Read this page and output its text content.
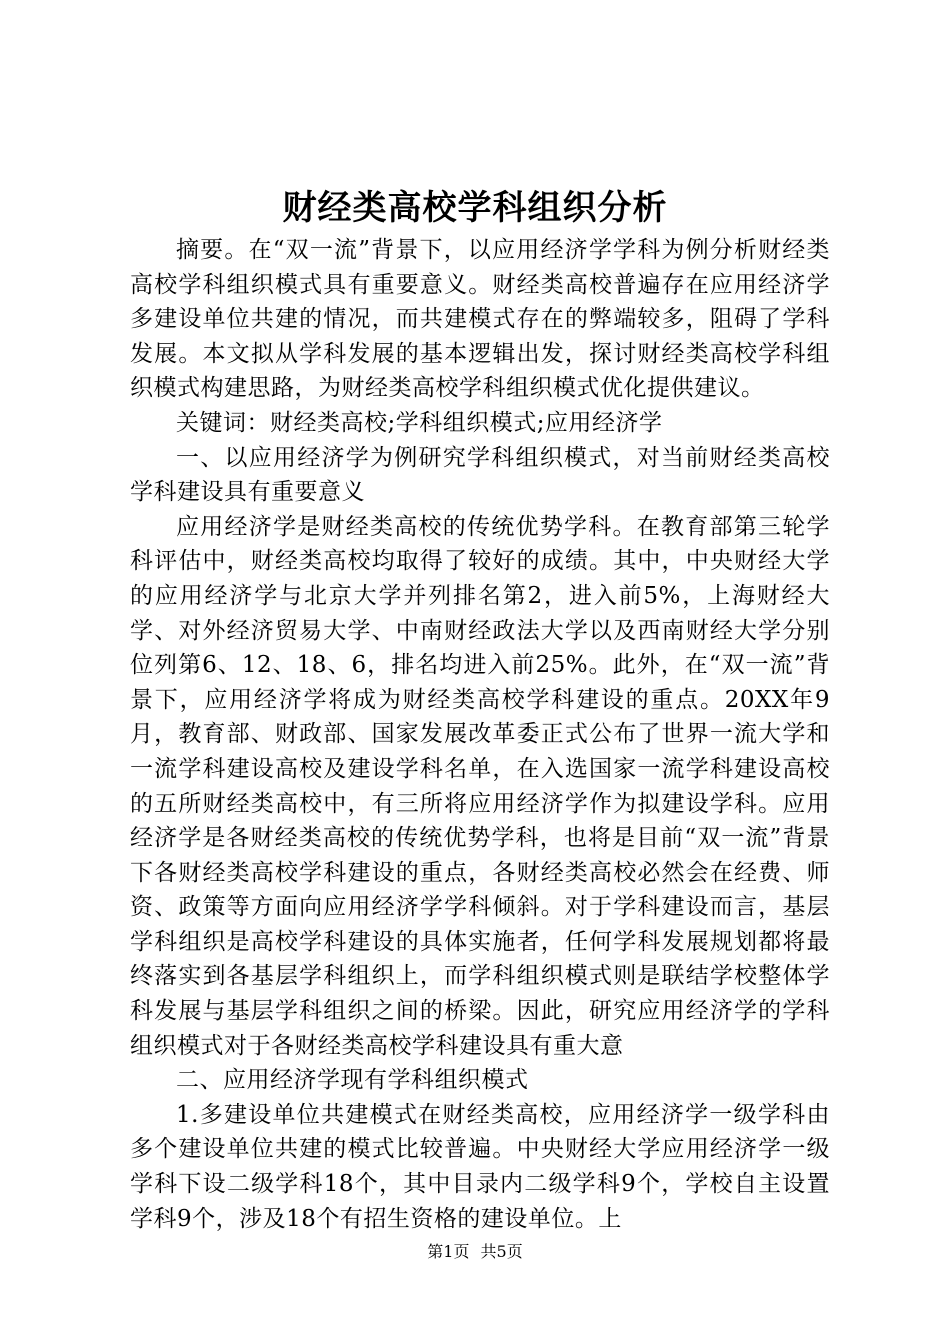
财经类高校学科组织分析

摘要。在“双一流”背景下，以应用经济学学科为例分析财经类高校学科组织模式具有重要意义。财经类高校普遍存在应用经济学多建设单位共建的情况，而共建模式存在的弊端较多，阻碍了学科发展。本文拟从学科发展的基本逻辑出发，探讨财经类高校学科组织模式构建思路，为财经类高校学科组织模式优化提供建议。

关键词：财经类高校;学科组织模式;应用经济学

一、以应用经济学为例研究学科组织模式，对当前财经类高校学科建设具有重要意义

应用经济学是财经类高校的传统优势学科。在教育部第三轮学科评估中，财经类高校均取得了较好的成绩。其中，中央财经大学的应用经济学与北京大学并列排名第2，进入前5%，上海财经大学、对外经济贸易大学、中南财经政法大学以及西南财经大学分别位列第6、12、18、6，排名均进入前25%。此外，在“双一流”背景下，应用经济学将成为财经类高校学科建设的重点。20XX年9月，教育部、财政部、国家发展改革委正式公布了世界一流大学和一流学科建设高校及建设学科名单，在入选国家一流学科建设高校的五所财经类高校中，有三所将应用经济学作为拟建设学科。应用经济学是各财经类高校的传统优势学科，也将是目前“双一流”背景下各财经类高校学科建设的重点，各财经类高校必然会在经费、师资、政策等方面向应用经济学学科倾斜。对于学科建设而言，基层学科组织是高校学科建设的具体实施者，任何学科发展规划都将最终落实到各基层学科组织上，而学科组织模式则是联结学校整体学科发展与基层学科组织之间的桥梁。因此，研究应用经济学的学科组织模式对于各财经类高校学科建设具有重大意

二、应用经济学现有学科组织模式

1.多建设单位共建模式在财经类高校，应用经济学一级学科由多个建设单位共建的模式比较普遍。中央财经大学应用经济学一级学科下设二级学科18个，其中目录内二级学科9个，学校自主设置学科9个，涉及18个有招生资格的建设单位。上

第1页 共5页
